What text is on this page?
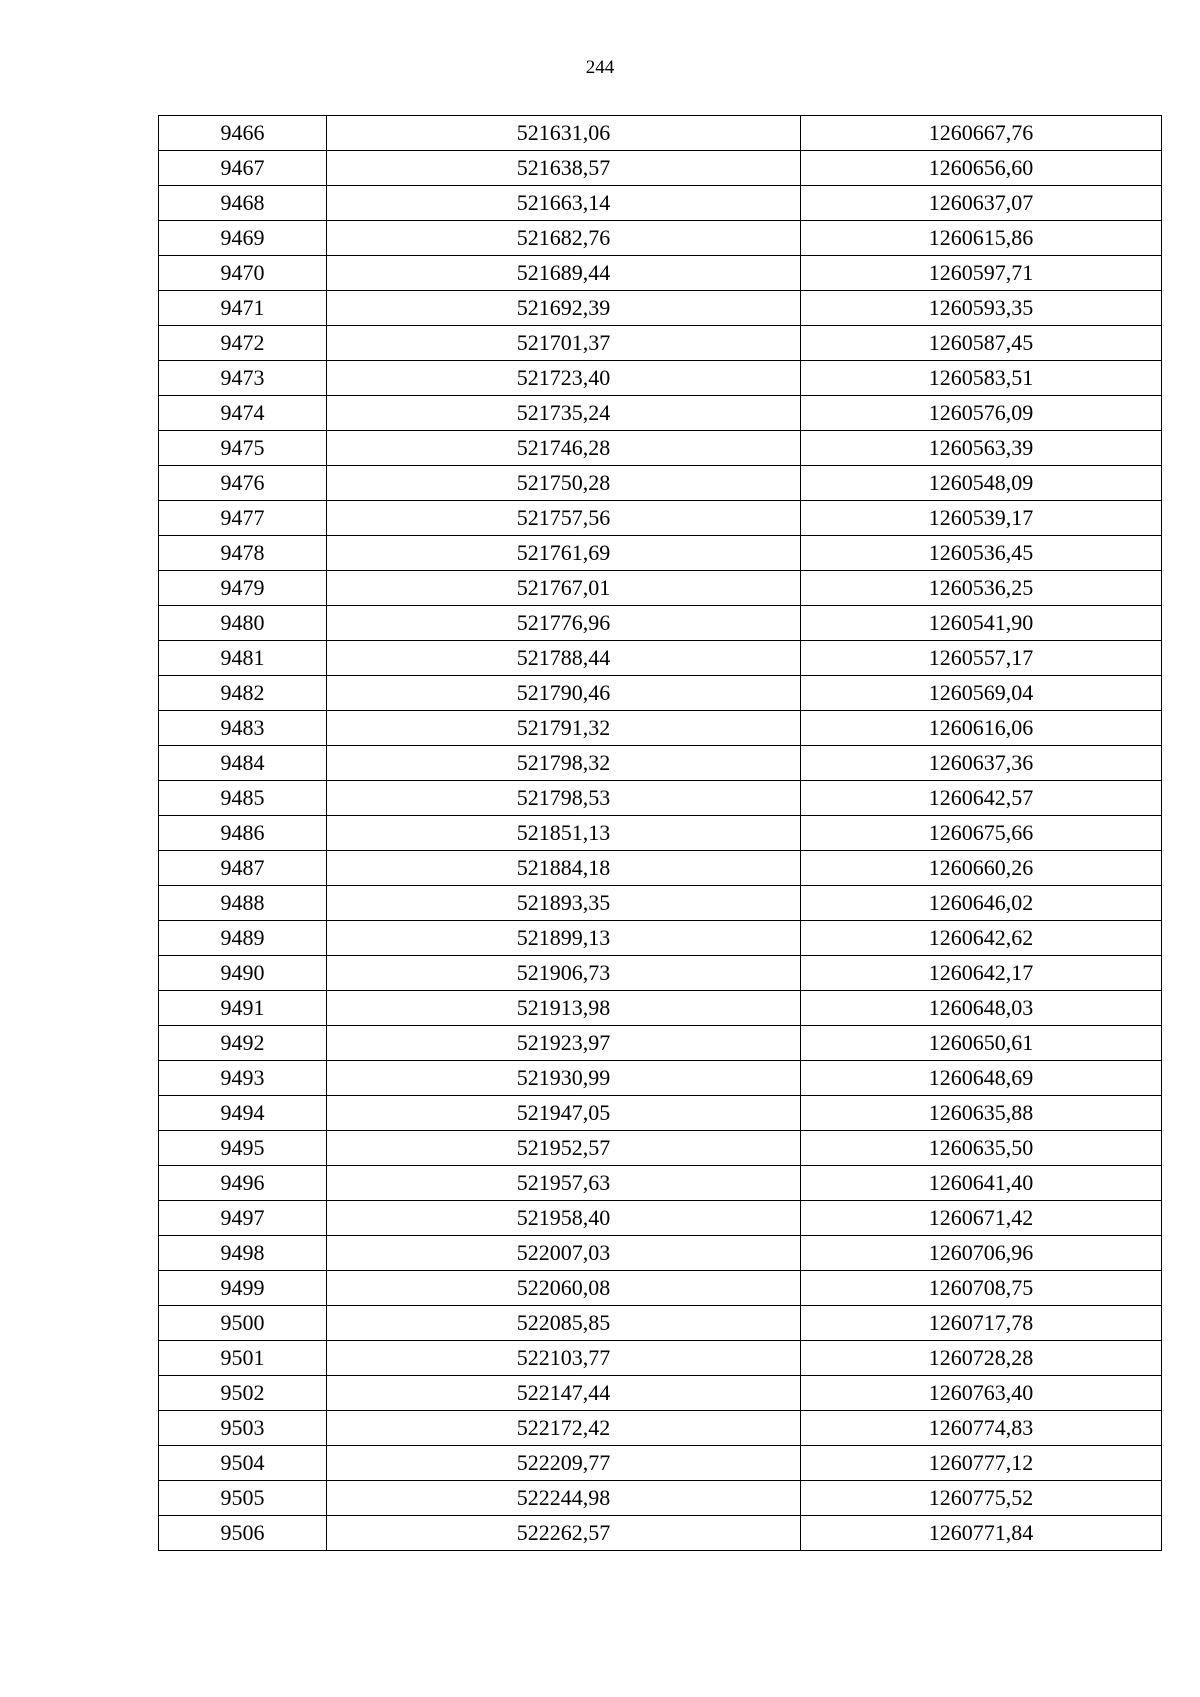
244
9466	521631,06	1260667,76
9467	521638,57	1260656,60
9468	521663,14	1260637,07
9469	521682,76	1260615,86
9470	521689,44	1260597,71
9471	521692,39	1260593,35
9472	521701,37	1260587,45
9473	521723,40	1260583,51
9474	521735,24	1260576,09
9475	521746,28	1260563,39
9476	521750,28	1260548,09
9477	521757,56	1260539,17
9478	521761,69	1260536,45
9479	521767,01	1260536,25
9480	521776,96	1260541,90
9481	521788,44	1260557,17
9482	521790,46	1260569,04
9483	521791,32	1260616,06
9484	521798,32	1260637,36
9485	521798,53	1260642,57
9486	521851,13	1260675,66
9487	521884,18	1260660,26
9488	521893,35	1260646,02
9489	521899,13	1260642,62
9490	521906,73	1260642,17
9491	521913,98	1260648,03
9492	521923,97	1260650,61
9493	521930,99	1260648,69
9494	521947,05	1260635,88
9495	521952,57	1260635,50
9496	521957,63	1260641,40
9497	521958,40	1260671,42
9498	522007,03	1260706,96
9499	522060,08	1260708,75
9500	522085,85	1260717,78
9501	522103,77	1260728,28
9502	522147,44	1260763,40
9503	522172,42	1260774,83
9504	522209,77	1260777,12
9505	522244,98	1260775,52
9506	522262,57	1260771,84
